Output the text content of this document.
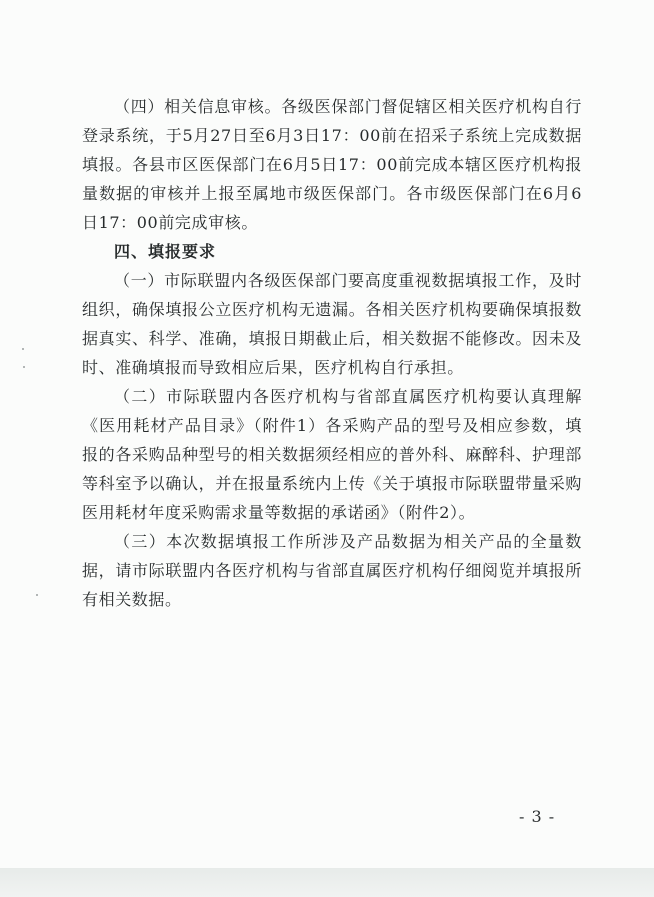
（四）相关信息审核。各级医保部门督促辖区相关医疗机构自行登录系统，于5月27日至6月3日17：00前在招采子系统上完成数据填报。各县市区医保部门在6月5日17：00前完成本辖区医疗机构报量数据的审核并上报至属地市级医保部门。各市级医保部门在6月6日17：00前完成审核。

四、填报要求

（一）市际联盟内各级医保部门要高度重视数据填报工作，及时组织，确保填报公立医疗机构无遗漏。各相关医疗机构要确保填报数据真实、科学、准确，填报日期截止后，相关数据不能修改。因未及时、准确填报而导致相应后果，医疗机构自行承担。

（二）市际联盟内各医疗机构与省部直属医疗机构要认真理解《医用耗材产品目录》（附件1）各采购产品的型号及相应参数，填报的各采购品种型号的相关数据须经相应的普外科、麻醉科、护理部等科室予以确认，并在报量系统内上传《关于填报市际联盟带量采购医用耗材年度采购需求量等数据的承诺函》（附件2）。

（三）本次数据填报工作所涉及产品数据为相关产品的全量数据，请市际联盟内各医疗机构与省部直属医疗机构仔细阅览并填报所有相关数据。

- 3 -
